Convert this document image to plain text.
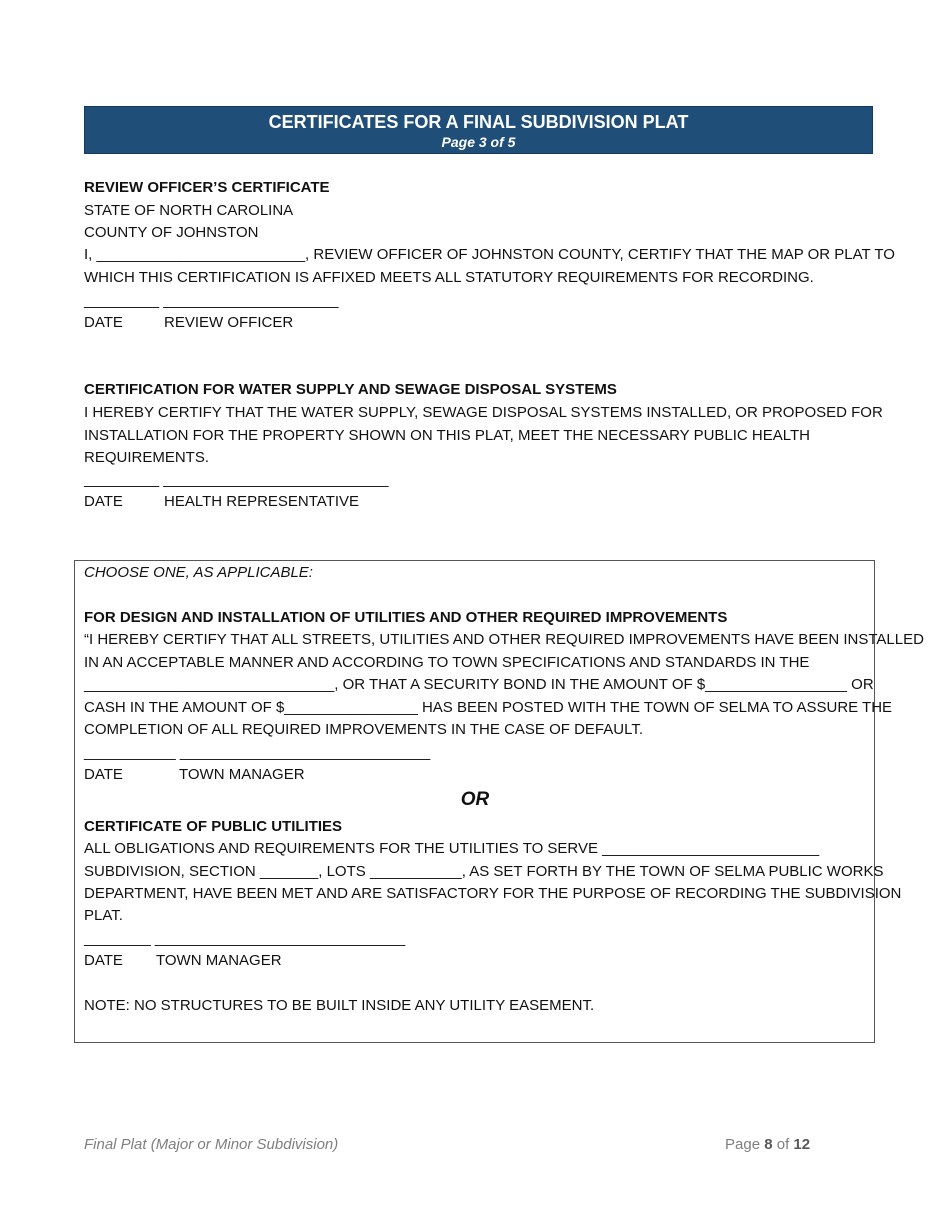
CERTIFICATES FOR A FINAL SUBDIVISION PLAT
Page 3 of 5
REVIEW OFFICER’S CERTIFICATE
STATE OF NORTH CAROLINA
COUNTY OF JOHNSTON
I, _________________________, REVIEW OFFICER OF JOHNSTON COUNTY, CERTIFY THAT THE MAP OR PLAT TO
WHICH THIS CERTIFICATION IS AFFIXED MEETS ALL STATUTORY REQUIREMENTS FOR RECORDING.
_________ _____________________
DATE	REVIEW OFFICER
CERTIFICATION FOR WATER SUPPLY AND SEWAGE DISPOSAL SYSTEMS
I HEREBY CERTIFY THAT THE WATER SUPPLY, SEWAGE DISPOSAL SYSTEMS INSTALLED, OR PROPOSED FOR
INSTALLATION FOR THE PROPERTY SHOWN ON THIS PLAT, MEET THE NECESSARY PUBLIC HEALTH
REQUIREMENTS.
_________ ___________________________
DATE	HEALTH REPRESENTATIVE
CHOOSE ONE, AS APPLICABLE:
FOR DESIGN AND INSTALLATION OF UTILITIES AND OTHER REQUIRED IMPROVEMENTS
“I HEREBY CERTIFY THAT ALL STREETS, UTILITIES AND OTHER REQUIRED IMPROVEMENTS HAVE BEEN INSTALLED
IN AN ACCEPTABLE MANNER AND ACCORDING TO TOWN SPECIFICATIONS AND STANDARDS IN THE
______________________________, OR THAT A SECURITY BOND IN THE AMOUNT OF $_________________ OR
CASH IN THE AMOUNT OF $________________ HAS BEEN POSTED WITH THE TOWN OF SELMA TO ASSURE THE
COMPLETION OF ALL REQUIRED IMPROVEMENTS IN THE CASE OF DEFAULT.
___________ ______________________________
DATE	TOWN MANAGER
OR
CERTIFICATE OF PUBLIC UTILITIES
ALL OBLIGATIONS AND REQUIREMENTS FOR THE UTILITIES TO SERVE __________________________
SUBDIVISION, SECTION _______, LOTS ___________, AS SET FORTH BY THE TOWN OF SELMA PUBLIC WORKS
DEPARTMENT, HAVE BEEN MET AND ARE SATISFACTORY FOR THE PURPOSE OF RECORDING THE SUBDIVISION
PLAT.
________ ______________________________
DATE TOWN MANAGER
NOTE: NO STRUCTURES TO BE BUILT INSIDE ANY UTILITY EASEMENT.
Final Plat (Major or Minor Subdivision)	Page 8 of 12
